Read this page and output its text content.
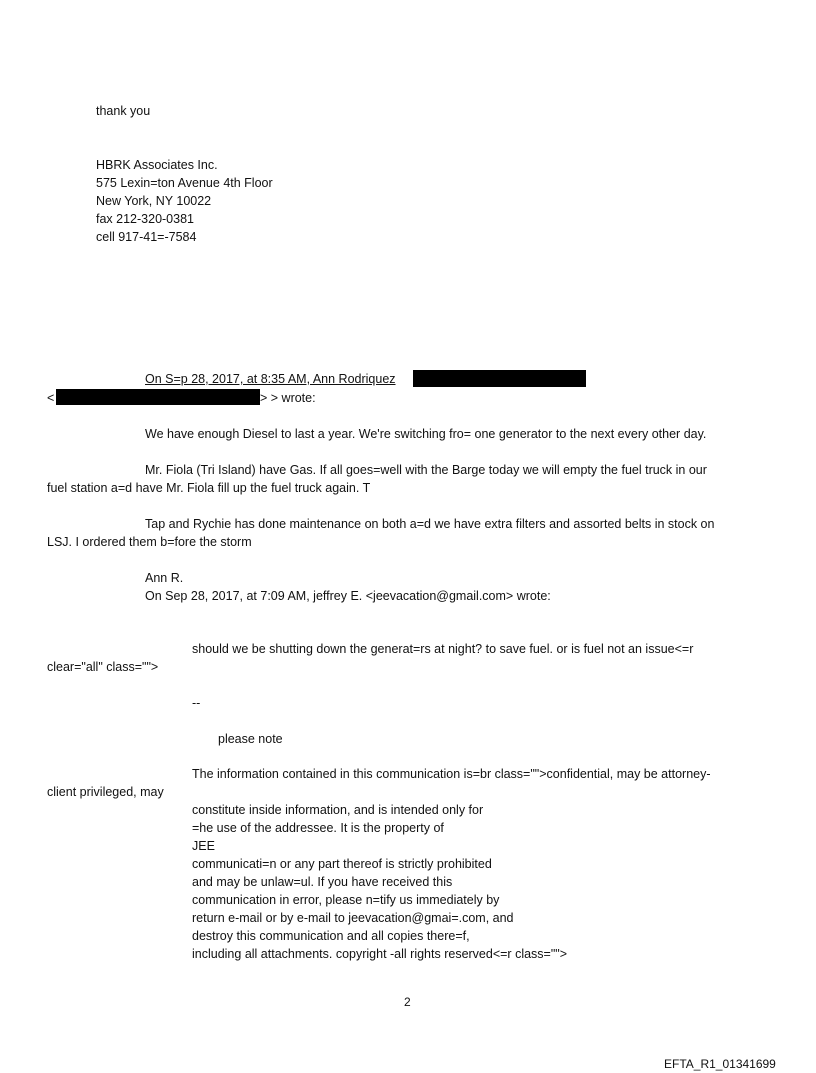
thank you
HBRK Associates Inc.
575 Lexin=ton Avenue 4th Floor
New York, NY 10022
fax 212-320-0381
cell 917-41=-7584
On S=p 28, 2017, at 8:35 AM, Ann Rodriquez
<	> > wrote:
We have enough Diesel to last a year. We're switching fro= one generator to the next every other day.
Mr. Fiola (Tri Island) have Gas. If all goes=well with the Barge today we will empty the fuel truck in our
fuel station a=d have Mr. Fiola fill up the fuel truck again. T
Tap and Rychie has done maintenance on both a=d we have extra filters and assorted belts in stock on
LSJ. I ordered them b=fore the storm
Ann R.
On Sep 28, 2017, at 7:09 AM, jeffrey E. <jeevacation@gmail.com> wrote:
should we be shutting down the generat=rs at night? to save fuel. or is fuel not an issue<=r
clear="all" class="">
--
please note
The information contained in this communication is=br class="">confidential, may be attorney-
client privileged, may
constitute inside information, and is intended only for
=he use of the addressee. It is the property of
JEE
communicati=n or any part thereof is strictly prohibited
and may be unlaw=ul. If you have received this
communication in error, please n=tify us immediately by
return e-mail or by e-mail to jeevacation@gmai=.com, and
destroy this communication and all copies there=f,
including all attachments. copyright -all rights reserved<=r class="">
2
EFTA_R1_01341699
